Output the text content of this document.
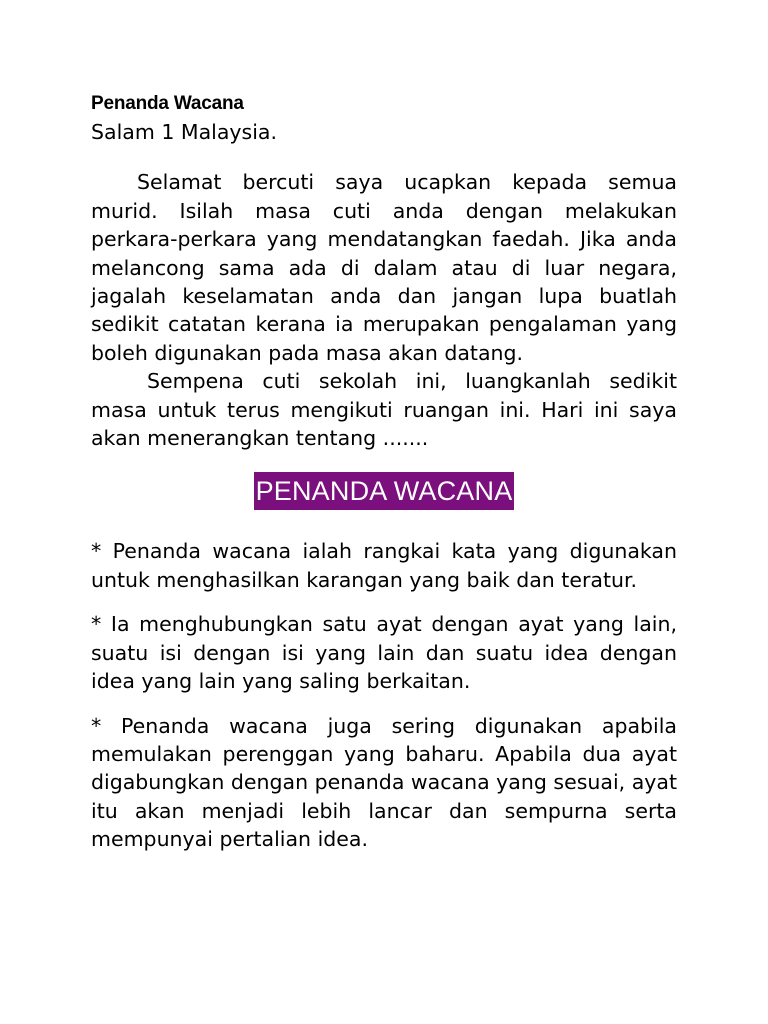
Penanda Wacana

Salam 1 Malaysia.

Selamat bercuti saya ucapkan kepada semua murid. Isilah masa cuti anda dengan melakukan perkara-perkara yang mendatangkan faedah. Jika anda melancong sama ada di dalam atau di luar negara, jagalah keselamatan anda dan jangan lupa buatlah sedikit catatan kerana ia merupakan pengalaman yang boleh digunakan pada masa akan datang.

Sempena cuti sekolah ini, luangkanlah sedikit masa untuk terus mengikuti ruangan ini. Hari ini saya akan menerangkan tentang .......

PENANDA WACANA

* Penanda wacana ialah rangkai kata yang digunakan untuk menghasilkan karangan yang baik dan teratur.

* Ia menghubungkan satu ayat dengan ayat yang lain, suatu isi dengan isi yang lain dan suatu idea dengan idea yang lain yang saling berkaitan.

* Penanda wacana juga sering digunakan apabila memulakan perenggan yang baharu. Apabila dua ayat digabungkan dengan penanda wacana yang sesuai, ayat itu akan menjadi lebih lancar dan sempurna serta mempunyai pertalian idea.
